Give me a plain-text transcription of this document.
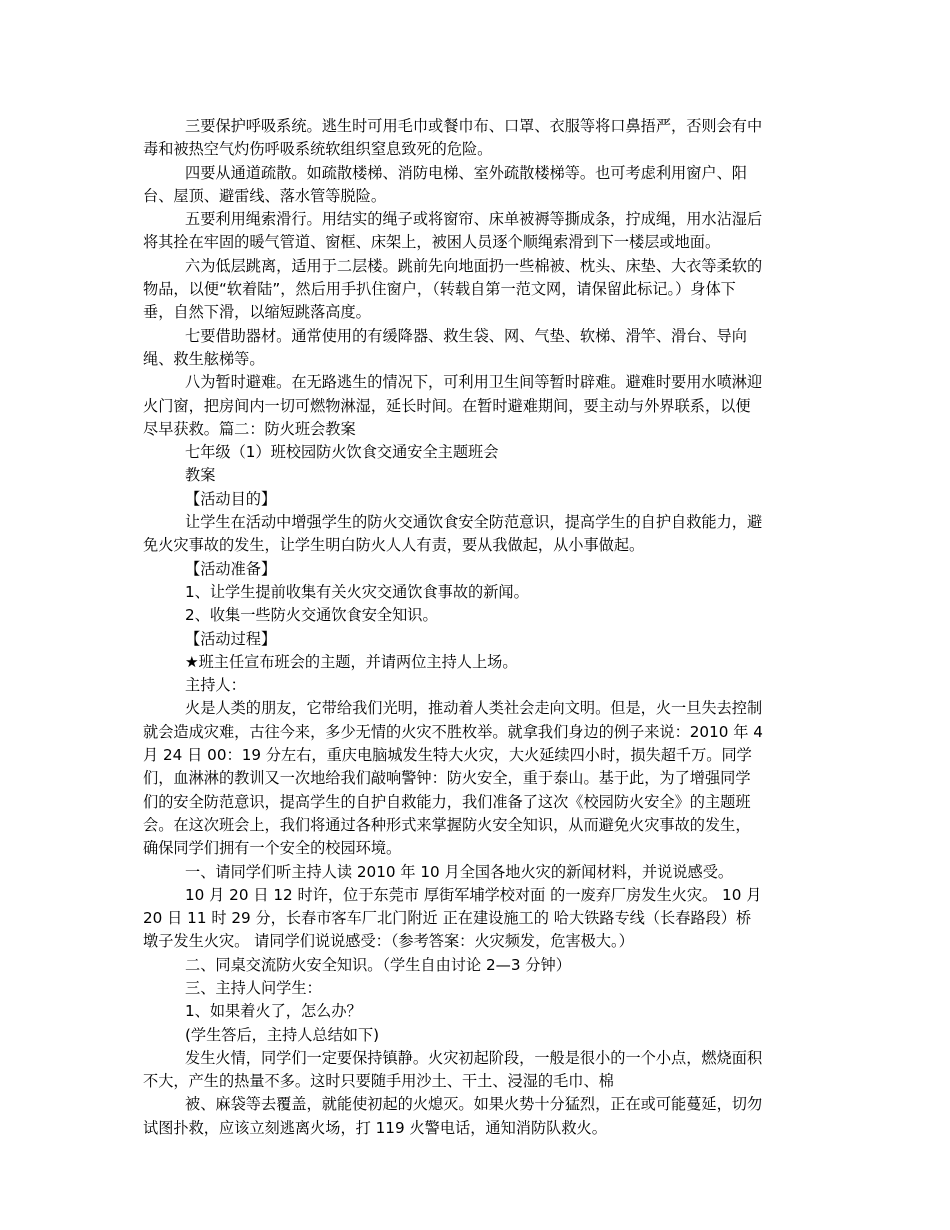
三要保护呼吸系统。逃生时可用毛巾或餐巾布、口罩、衣服等将口鼻捂严，否则会有中
毒和被热空气灼伤呼吸系统软组织窒息致死的危险。
四要从通道疏散。如疏散楼梯、消防电梯、室外疏散楼梯等。也可考虑利用窗户、阳
台、屋顶、避雷线、落水管等脱险。
五要利用绳索滑行。用结实的绳子或将窗帘、床单被褥等撕成条，拧成绳，用水沾湿后
将其拴在牢固的暖气管道、窗框、床架上，被困人员逐个顺绳索滑到下一楼层或地面。
六为低层跳离，适用于二层楼。跳前先向地面扔一些棉被、枕头、床垫、大衣等柔软的
物品，以便“软着陆”，然后用手扒住窗户，（转载自第一范文网，请保留此标记。）身体下
垂，自然下滑，以缩短跳落高度。
七要借助器材。通常使用的有缓降器、救生袋、网、气垫、软梯、滑竿、滑台、导向
绳、救生舷梯等。
八为暂时避难。在无路逃生的情况下，可利用卫生间等暂时辟难。避难时要用水喷淋迎
火门窗，把房间内一切可燃物淋湿，延长时间。在暂时避难期间，要主动与外界联系，以便
尽早获救。篇二：防火班会教案
七年级（1）班校园防火饮食交通安全主题班会
教案
【活动目的】
让学生在活动中增强学生的防火交通饮食安全防范意识，提高学生的自护自救能力，避
免火灾事故的发生，让学生明白防火人人有责，要从我做起，从小事做起。
【活动准备】
1、让学生提前收集有关火灾交通饮食事故的新闻。
2、收集一些防火交通饮食安全知识。
【活动过程】
★班主任宣布班会的主题，并请两位主持人上场。
主持人：
火是人类的朋友，它带给我们光明，推动着人类社会走向文明。但是，火一旦失去控制
就会造成灾难，古往今来，多少无情的火灾不胜枚举。就拿我们身边的例子来说：2010 年 4
月 24 日 00：19 分左右，重庆电脑城发生特大火灾，大火延续四小时，损失超千万。同学
们，血淋淋的教训又一次地给我们敲响警钟：防火安全，重于泰山。基于此，为了增强同学
们的安全防范意识，提高学生的自护自救能力，我们准备了这次《校园防火安全》的主题班
会。在这次班会上，我们将通过各种形式来掌握防火安全知识，从而避免火灾事故的发生，
确保同学们拥有一个安全的校园环境。
一、请同学们听主持人读 2010 年 10 月全国各地火灾的新闻材料，并说说感受。
10 月 20 日 12 时许，位于东莞市 厚街军埔学校对面 的一废弃厂房发生火灾。 10 月
20 日 11 时 29 分，长春市客车厂北门附近 正在建设施工的 哈大铁路专线（长春路段）桥
墩子发生火灾。 请同学们说说感受：（参考答案：火灾频发，危害极大。）
二、同桌交流防火安全知识。（学生自由讨论 2—3 分钟）
三、主持人问学生：
1、如果着火了，怎么办？
(学生答后，主持人总结如下)
发生火情，同学们一定要保持镇静。火灾初起阶段，一般是很小的一个小点，燃烧面积
不大，产生的热量不多。这时只要随手用沙土、干土、浸湿的毛巾、棉
被、麻袋等去覆盖，就能使初起的火熄灭。如果火势十分猛烈，正在或可能蔓延，切勿
试图扑救，应该立刻逃离火场，打 119 火警电话，通知消防队救火。
